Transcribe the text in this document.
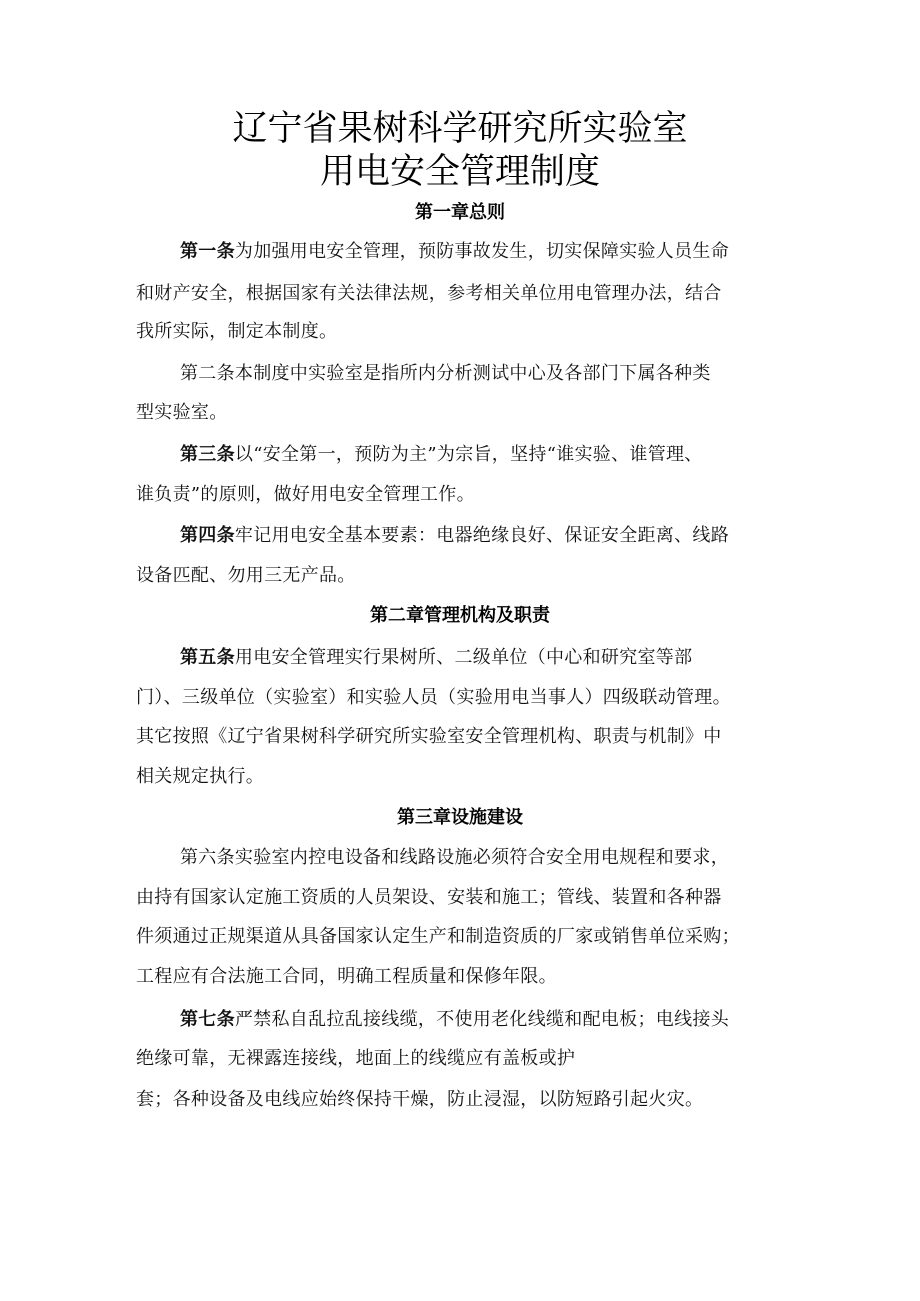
辽宁省果树科学研究所实验室
用电安全管理制度
第一章总则
第一条为加强用电安全管理，预防事故发生，切实保障实验人员生命
和财产安全，根据国家有关法律法规，参考相关单位用电管理办法，结合
我所实际，制定本制度。
第二条本制度中实验室是指所内分析测试中心及各部门下属各种类
型实验室。
第三条以“安全第一，预防为主”为宗旨，坚持“谁实验、谁管理、
谁负责”的原则，做好用电安全管理工作。
第四条牢记用电安全基本要素：电器绝缘良好、保证安全距离、线路
设备匹配、勿用三无产品。
第二章管理机构及职责
第五条用电安全管理实行果树所、二级单位（中心和研究室等部
门）、三级单位（实验室）和实验人员（实验用电当事人）四级联动管理。
其它按照《辽宁省果树科学研究所实验室安全管理机构、职责与机制》中
相关规定执行。
第三章设施建设
第六条实验室内控电设备和线路设施必须符合安全用电规程和要求，
由持有国家认定施工资质的人员架设、安装和施工；管线、装置和各种器
件须通过正规渠道从具备国家认定生产和制造资质的厂家或销售单位采购；
工程应有合法施工合同，明确工程质量和保修年限。
第七条严禁私自乱拉乱接线缆，不使用老化线缆和配电板；电线接头
绝缘可靠，无裸露连接线，地面上的线缆应有盖板或护
套；各种设备及电线应始终保持干燥，防止浸湿，以防短路引起火灾。
